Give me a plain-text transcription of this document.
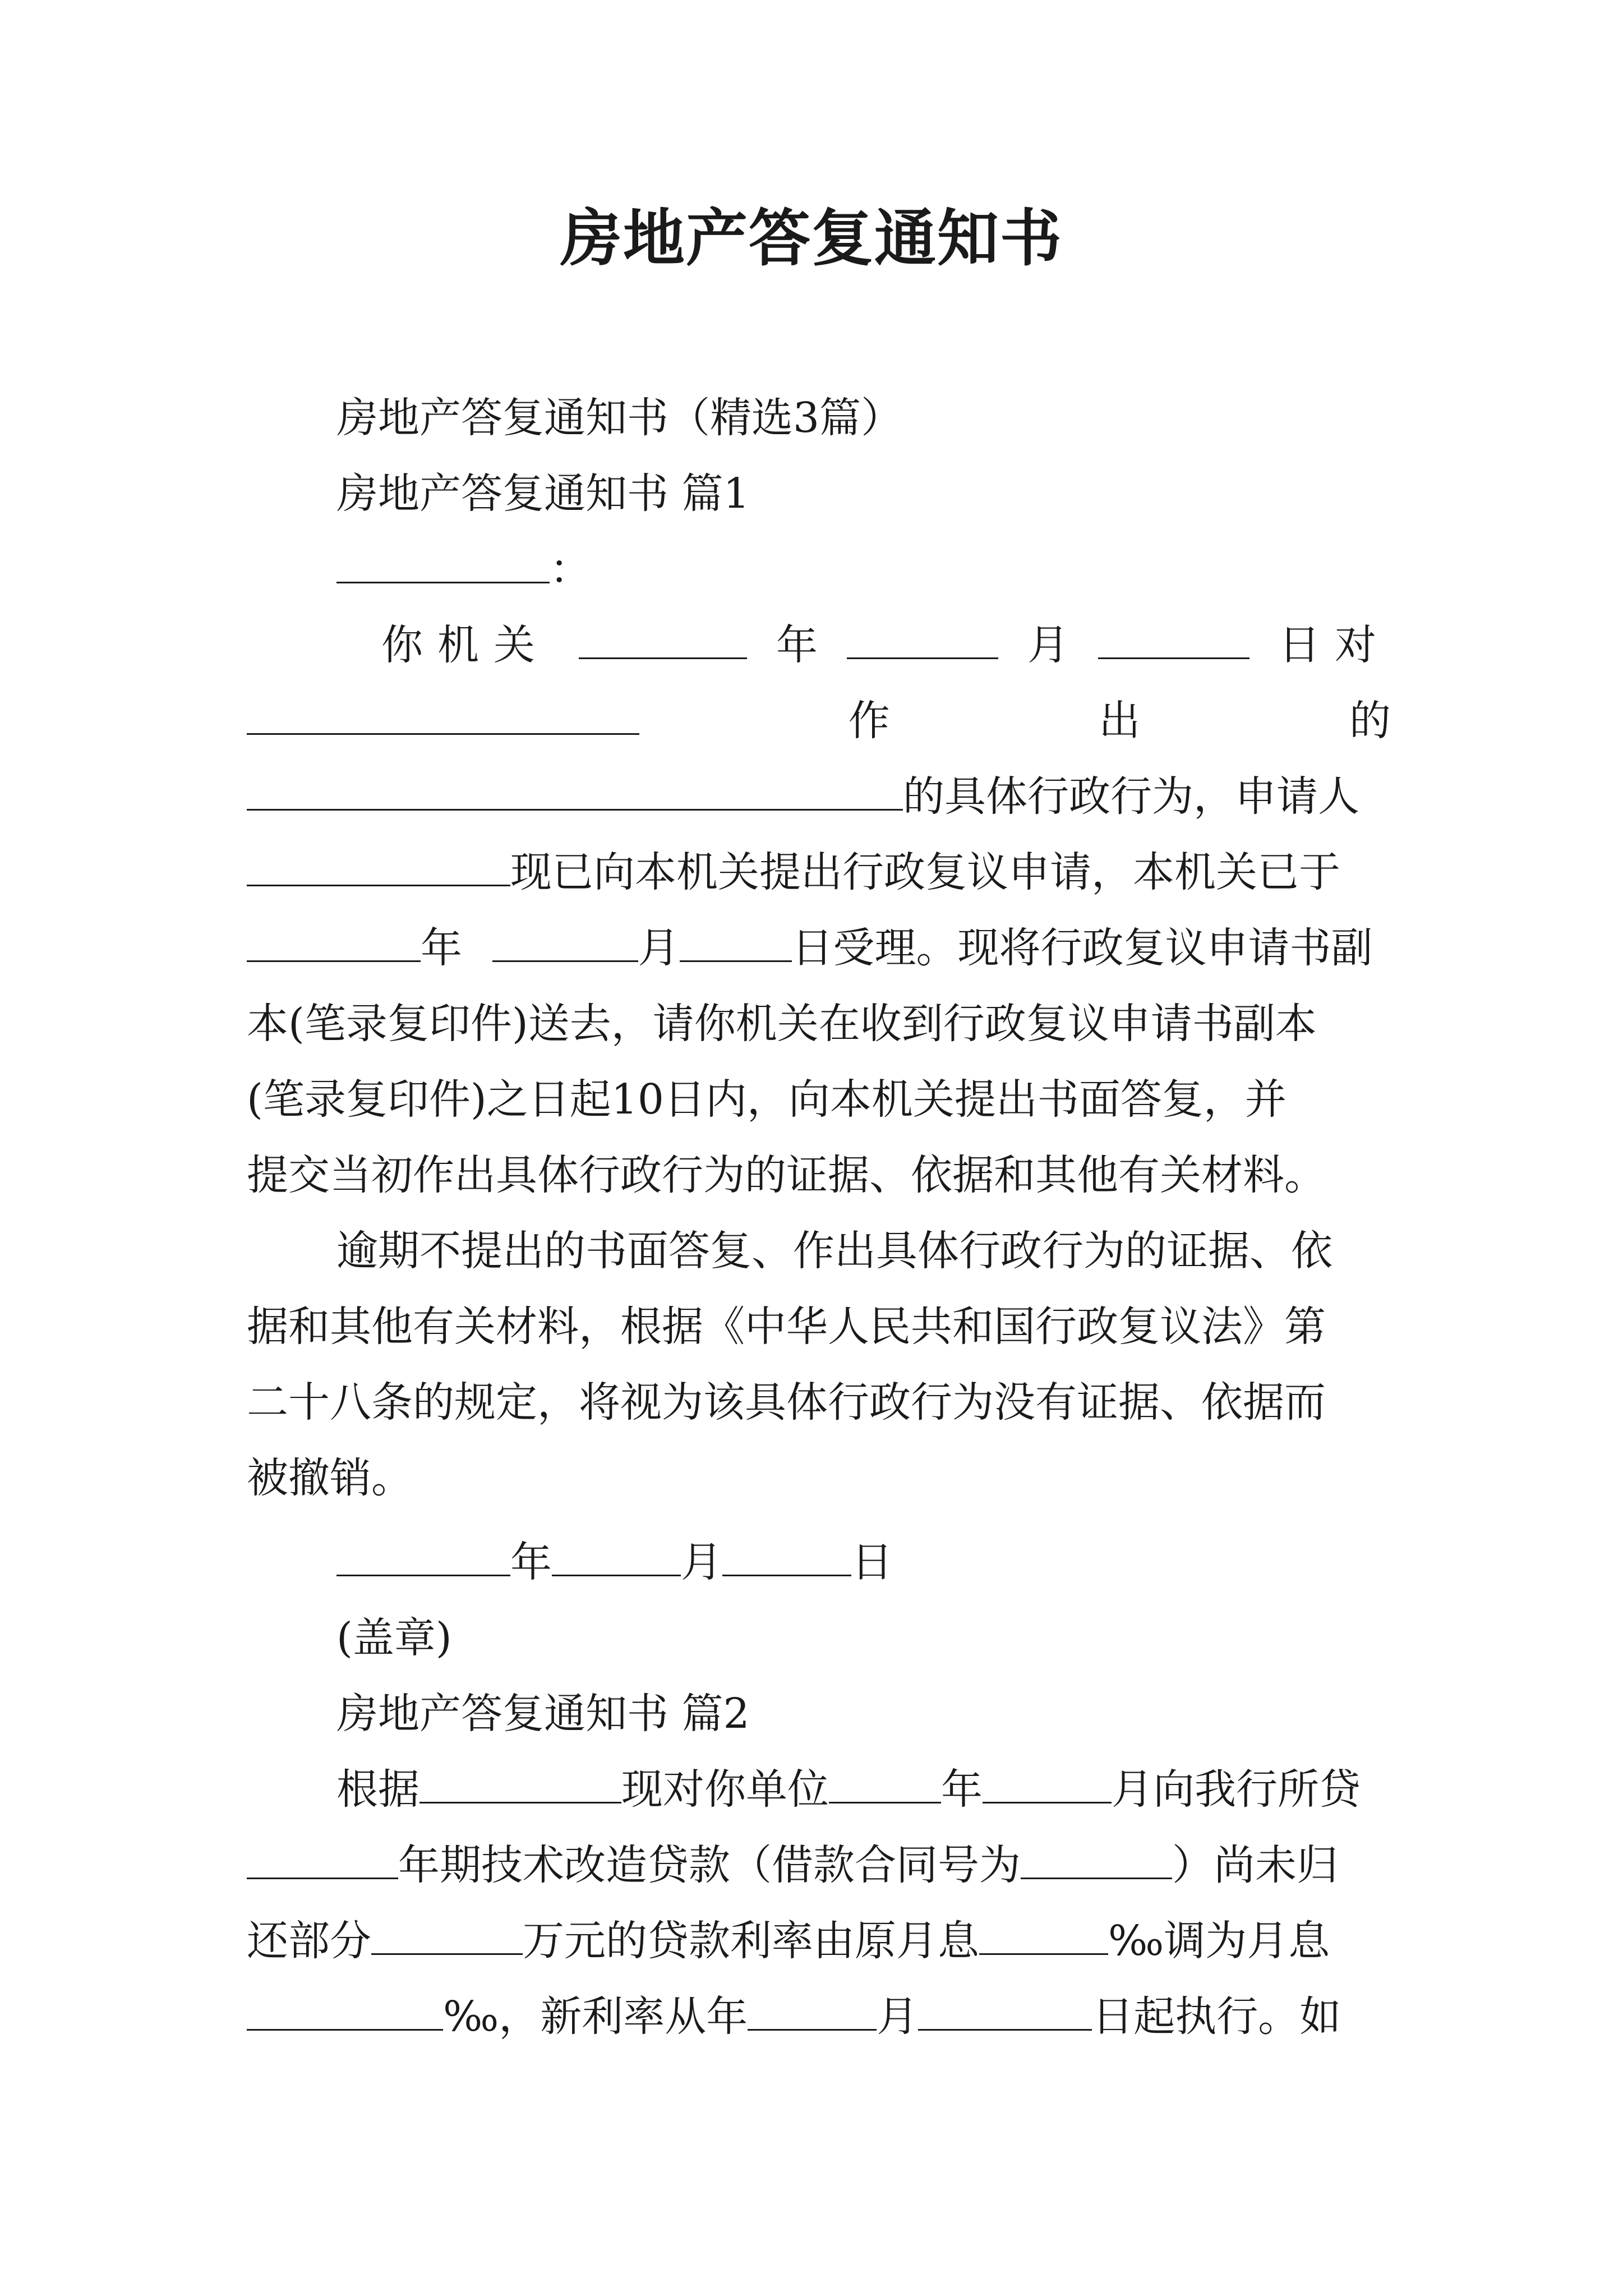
房地产答复通知书
房地产答复通知书（精选3篇）
房地产答复通知书 篇1
：
你机关	年	月	日对
作	出	的
的具体行政行为，申请人
现已向本机关提出行政复议申请，本机关已于
年	月	日受理。现将行政复议申请书副
本(笔录复印件)送去，请你机关在收到行政复议申请书副本
(笔录复印件)之日起10日内，向本机关提出书面答复，并
提交当初作出具体行政行为的证据、依据和其他有关材料。
逾期不提出的书面答复、作出具体行政行为的证据、依
据和其他有关材料，根据《中华人民共和国行政复议法》第
二十八条的规定，将视为该具体行政行为没有证据、依据而
被撤销。
年	月	日
(盖章)
房地产答复通知书 篇2
根据	现对你单位	年	月向我行所贷
年期技术改造贷款（借款合同号为	）尚未归
还部分	万元的贷款利率由原月息	‰调为月息
‰，新利率从年	月	日起执行。如
